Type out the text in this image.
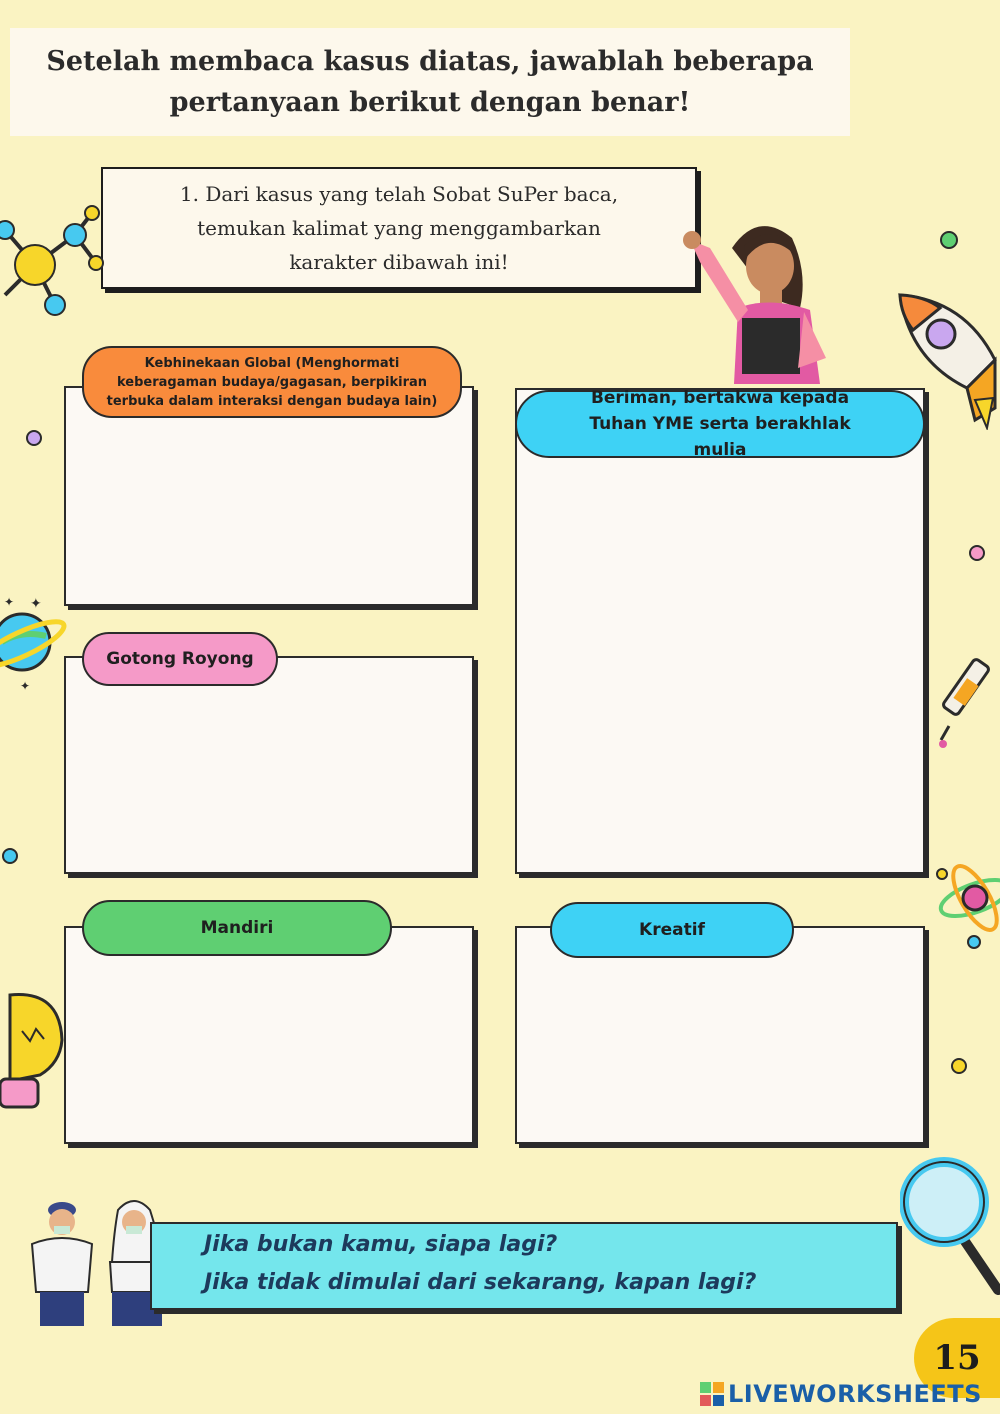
Setelah membaca kasus diatas, jawablah beberapa
pertanyaan berikut dengan benar!
1. Dari kasus yang telah Sobat SuPer baca,
temukan kalimat yang menggambarkan
karakter dibawah ini!
Kebhinekaan Global (Menghormati keberagaman budaya/gagasan, berpikiran terbuka dalam interaksi dengan budaya lain)	Beriman, bertakwa kepada Tuhan YME serta berakhlak mulia
Gotong Royong
Mandiri	Kreatif
✦
✦
✦
Jika bukan kamu, siapa lagi?
Jika tidak dimulai dari sekarang, kapan lagi?
15
LIVEWORKSHEETS
